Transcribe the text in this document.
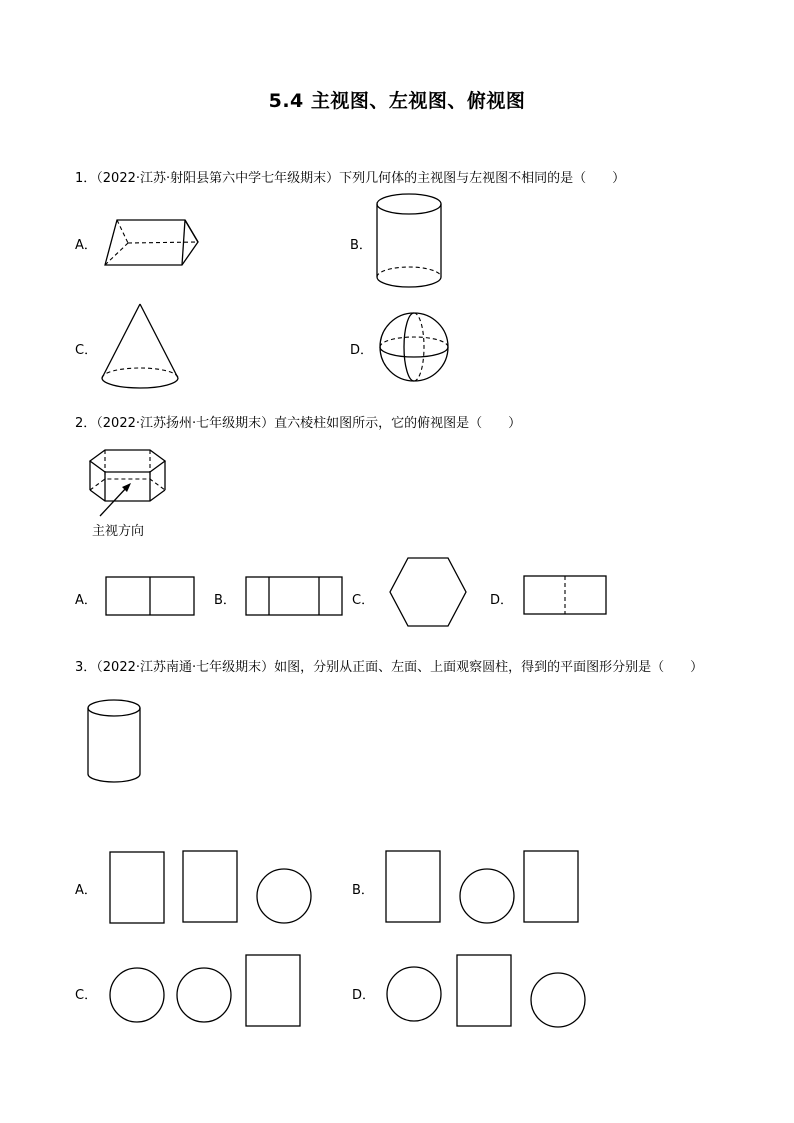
5.4 主视图、左视图、俯视图
1．（2022·江苏·射阳县第六中学七年级期末）下列几何体的主视图与左视图不相同的是（　　）
A．	B．
C．	D．
2．（2022·江苏扬州·七年级期末）直六棱柱如图所示，它的俯视图是（　　）
主视方向
A．	B．	C．	D．
3．（2022·江苏南通·七年级期末）如图，分别从正面、左面、上面观察圆柱，得到的平面图形分别是（　　）
A．	B．
C．	D．
